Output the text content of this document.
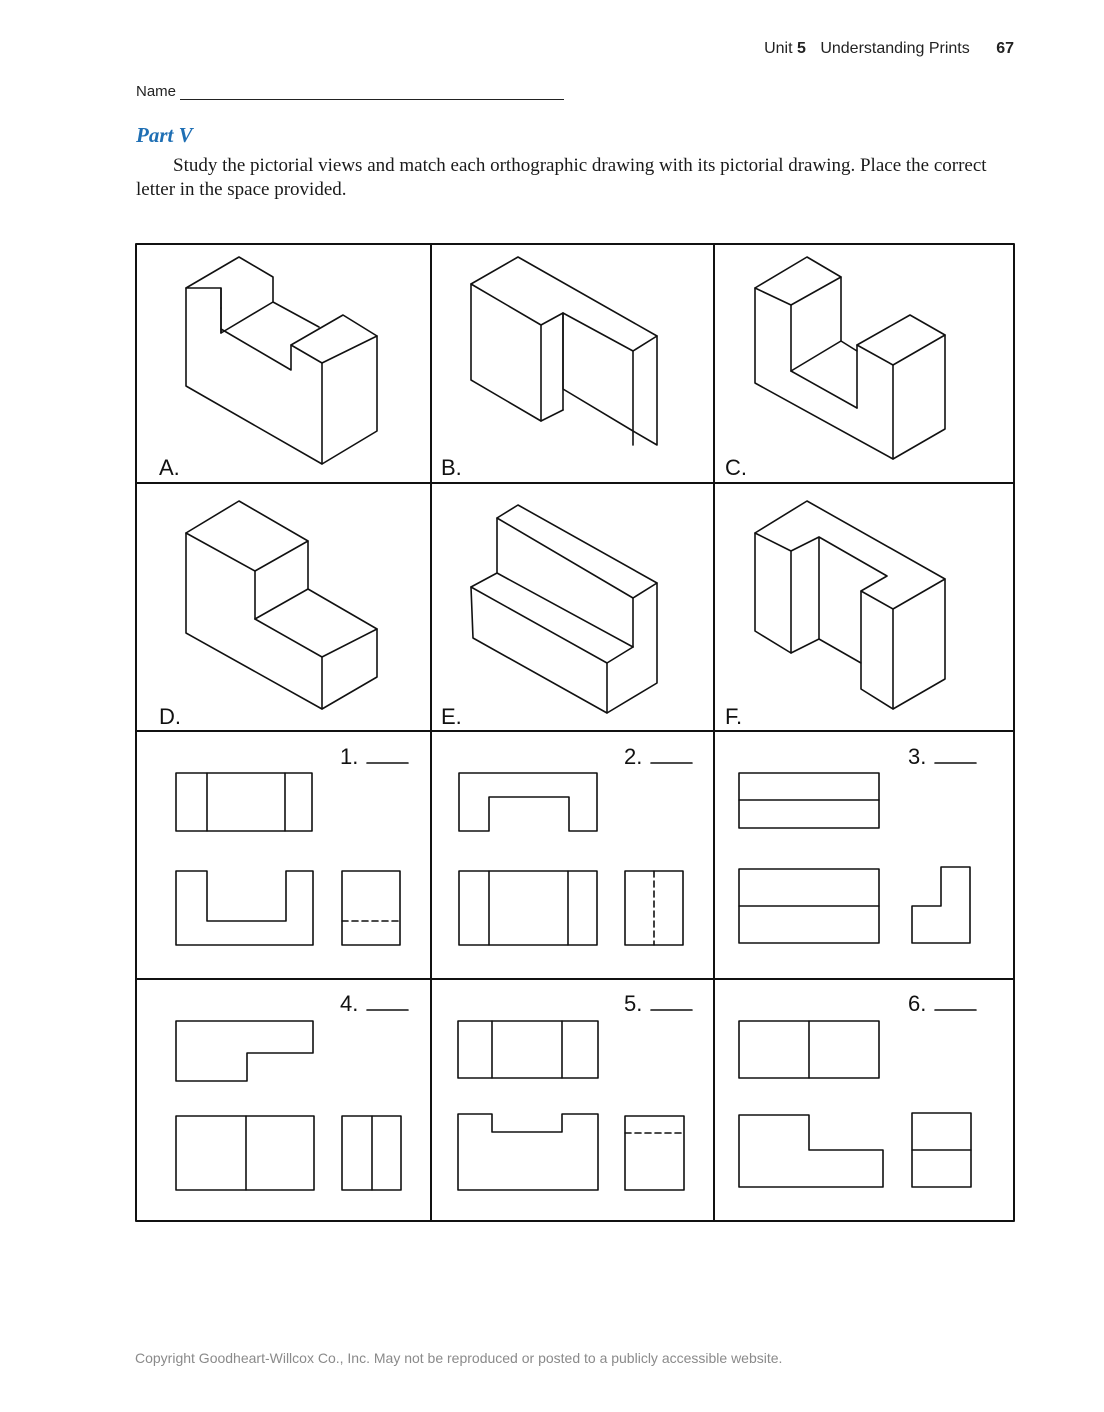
Unit 5 Understanding Prints 67
Name
Part V

Study the pictorial views and match each orthographic drawing with its pictorial drawing. Place the correct letter in the space provided.

A.	B.	C.
D.	E.	F.
1.	2.	3.
4.	5.	6.
Copyright Goodheart-Willcox Co., Inc. May not be reproduced or posted to a publicly accessible website.
